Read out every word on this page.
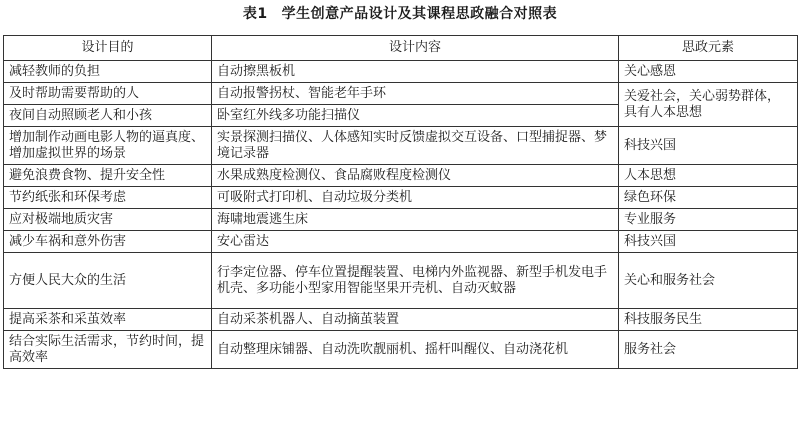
表1 学生创意产品设计及其课程思政融合对照表
设计目的	设计内容	思政元素
减轻教师的负担	自动擦黑板机	关心感恩
及时帮助需要帮助的人	自动报警拐杖、智能老年手环	关爱社会，关心弱势群体，具有人本思想
夜间自动照顾老人和小孩	卧室红外线多功能扫描仪	
增加制作动画电影人物的逼真度、增加虚拟世界的场景	实景探测扫描仪、人体感知实时反馈虚拟交互设备、口型捕捉器、梦境记录器	科技兴国
避免浪费食物、提升安全性	水果成熟度检测仪、食品腐败程度检测仪	人本思想
节约纸张和环保考虑	可吸附式打印机、自动垃圾分类机	绿色环保
应对极端地质灾害	海啸地震逃生床	专业服务
减少车祸和意外伤害	安心雷达	科技兴国
方便人民大众的生活	行李定位器、停车位置提醒装置、电梯内外监视器、新型手机发电手机壳、多功能小型家用智能坚果开壳机、自动灭蚊器	关心和服务社会
提高采茶和采茧效率	自动采茶机器人、自动摘茧装置	科技服务民生
结合实际生活需求，节约时间，提高效率	自动整理床铺器、自动洗吹靓丽机、摇杆叫醒仪、自动浇花机	服务社会
